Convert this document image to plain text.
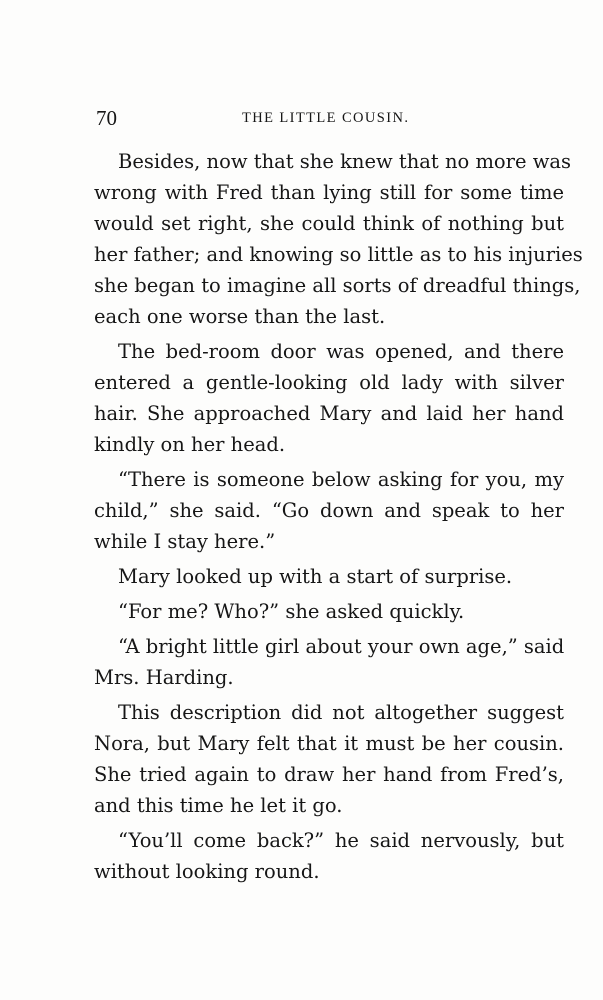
70	THE LITTLE COUSIN.
Besides, now that she knew that no more was
wrong with Fred than lying still for some time
would set right, she could think of nothing but
her father; and knowing so little as to his injuries
she began to imagine all sorts of dreadful things,
each one worse than the last.
The bed-room door was opened, and there
entered a gentle-looking old lady with silver
hair. She approached Mary and laid her hand
kindly on her head.
“There is someone below asking for you, my
child,” she said. “Go down and speak to her
while I stay here.”
Mary looked up with a start of surprise.
“For me? Who?” she asked quickly.
“A bright little girl about your own age,” said
Mrs. Harding.
This description did not altogether suggest
Nora, but Mary felt that it must be her cousin.
She tried again to draw her hand from Fred’s,
and this time he let it go.
“You’ll come back?” he said nervously, but
without looking round.
